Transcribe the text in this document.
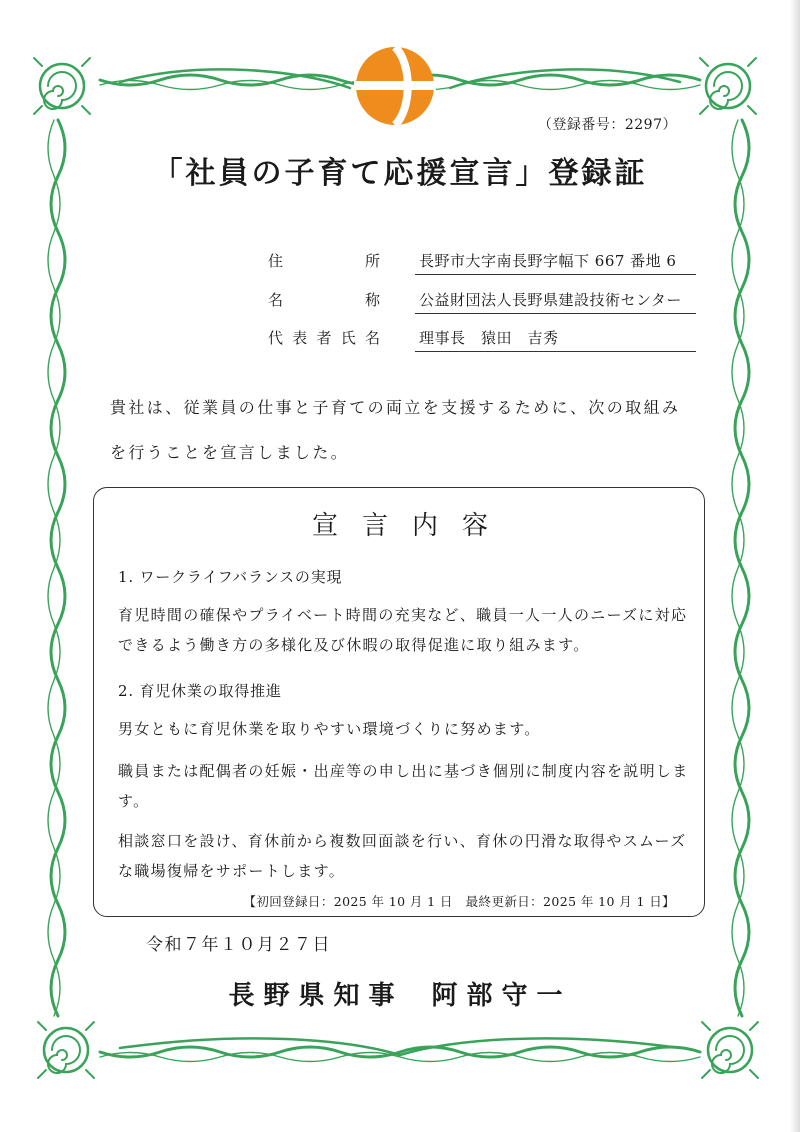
（登録番号：2297）
「社員の子育て応援宣言」登録証
住	所	長野市大字南長野字幅下 667 番地 6
名	称	公益財団法人長野県建設技術センター
代 表 者 氏 名	理事長　猿田　吉秀
貴社は、従業員の仕事と子育ての両立を支援するために、次の取組み
を行うことを宣言しました。
宣言内容
1. ワークライフバランスの実現
育児時間の確保やプライベート時間の充実など、職員一人一人のニーズに対応
できるよう働き方の多様化及び休暇の取得促進に取り組みます。
2. 育児休業の取得推進
男女ともに育児休業を取りやすい環境づくりに努めます。
職員または配偶者の妊娠・出産等の申し出に基づき個別に制度内容を説明しま
す。
相談窓口を設け、育休前から複数回面談を行い、育休の円滑な取得やスムーズ
な職場復帰をサポートします。
【初回登録日：2025 年 10 月 1 日　最終更新日：2025 年 10 月 1 日】
令和７年１０月２７日
長野県知事 阿部守一
